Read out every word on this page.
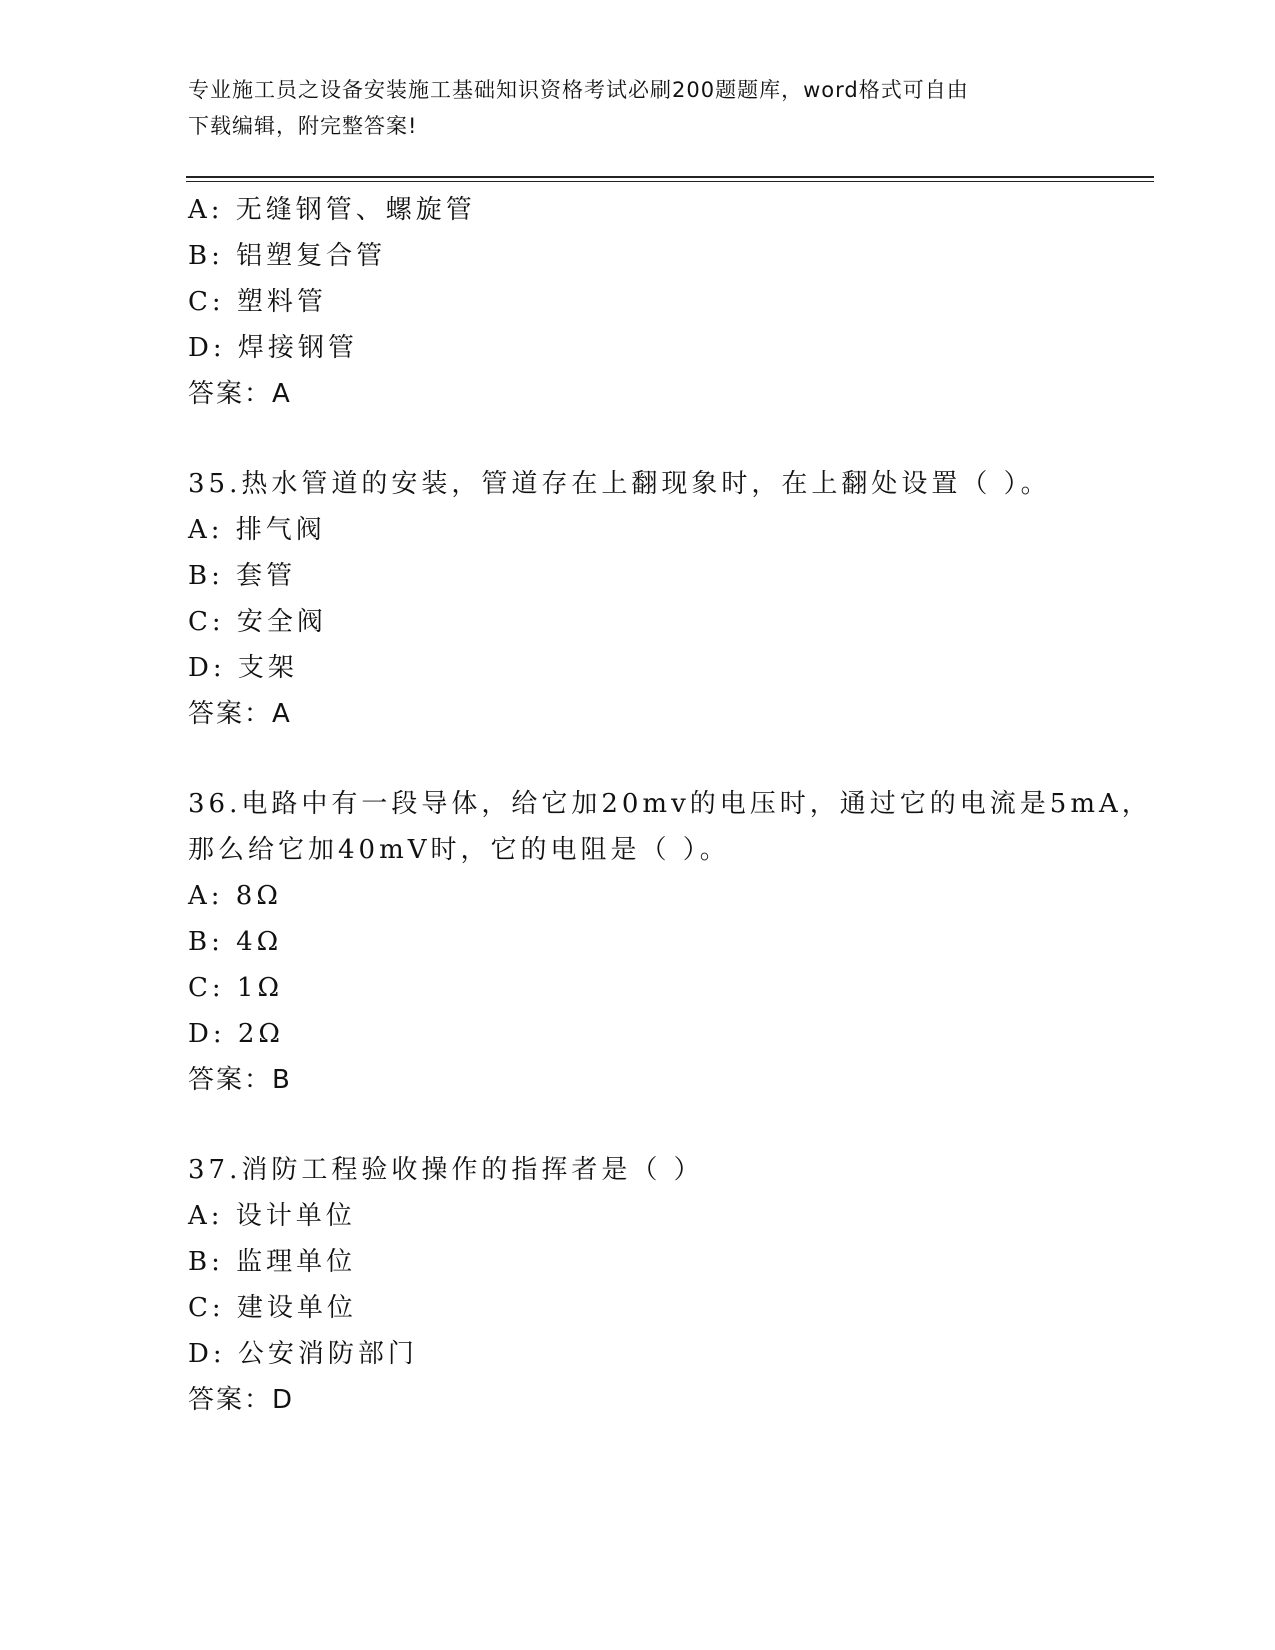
专业施工员之设备安装施工基础知识资格考试必刷200题题库，word格式可自由
下载编辑，附完整答案!
A: 无缝钢管、螺旋管
B: 铝塑复合管
C: 塑料管
D: 焊接钢管
答案：A
35.热水管道的安装，管道存在上翻现象时，在上翻处设置（ ）。
A: 排气阀
B: 套管
C: 安全阀
D: 支架
答案：A
36.电路中有一段导体，给它加20mv的电压时，通过它的电流是5mA，
那么给它加40mV时，它的电阻是（ ）。
A: 8Ω
B: 4Ω
C: 1Ω
D: 2Ω
答案：B
37.消防工程验收操作的指挥者是（ ）
A: 设计单位
B: 监理单位
C: 建设单位
D: 公安消防部门
答案：D
